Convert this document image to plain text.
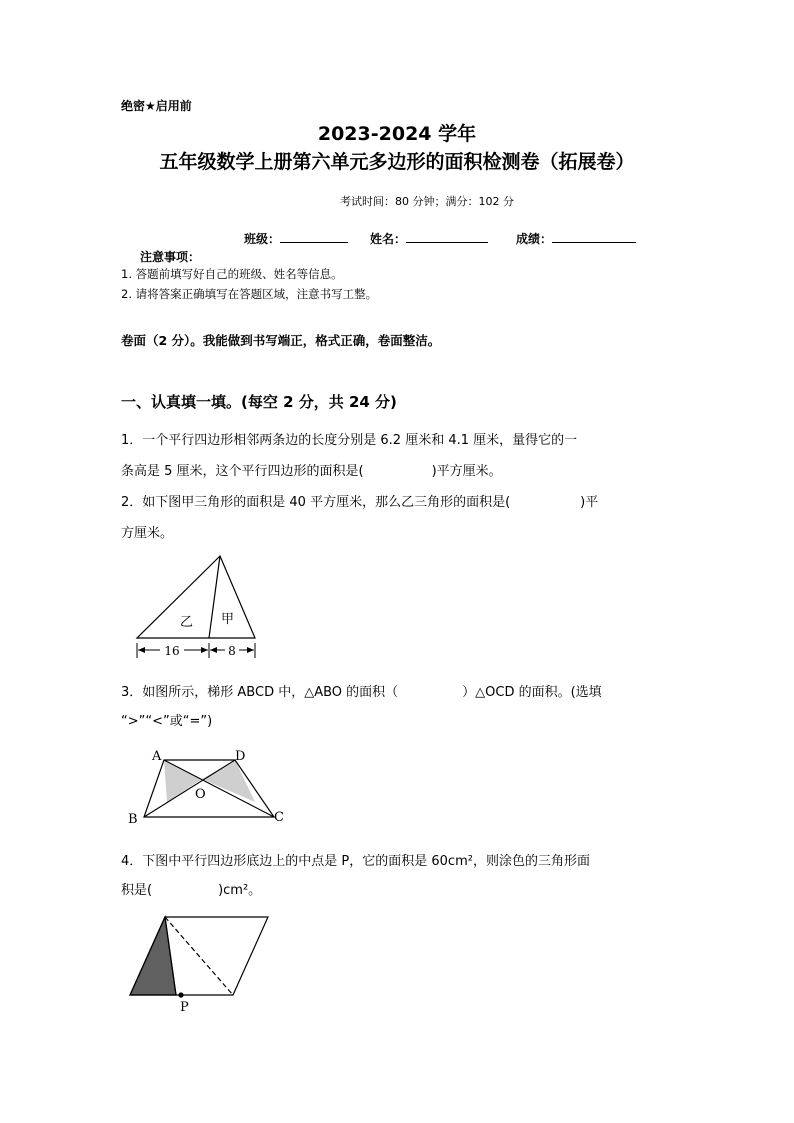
绝密★启用前
2023-2024 学年
五年级数学上册第六单元多边形的面积检测卷（拓展卷）
考试时间：80 分钟；满分：102 分
班级：	姓名：	成绩：
注意事项：
1. 答题前填写好自己的班级、姓名等信息。
2. 请将答案正确填写在答题区域，注意书写工整。
卷面（2 分）。我能做到书写端正，格式正确，卷面整洁。
一、认真填一填。(每空 2 分，共 24 分)
1．一个平行四边形相邻两条边的长度分别是 6.2 厘米和 4.1 厘米，量得它的一
条高是 5 厘米，这个平行四边形的面积是(	)平方厘米。
2．如下图甲三角形的面积是 40 平方厘米，那么乙三角形的面积是(	)平
方厘米。
乙 甲
16	8
3．如图所示，梯形 ABCD 中，△ABO 的面积（	）△OCD 的面积。(选填
“>”“<”或“=”)
A	D
B	C
O
4．下图中平行四边形底边上的中点是 P，它的面积是 60cm²，则涂色的三角形面
积是(	)cm²。
P
